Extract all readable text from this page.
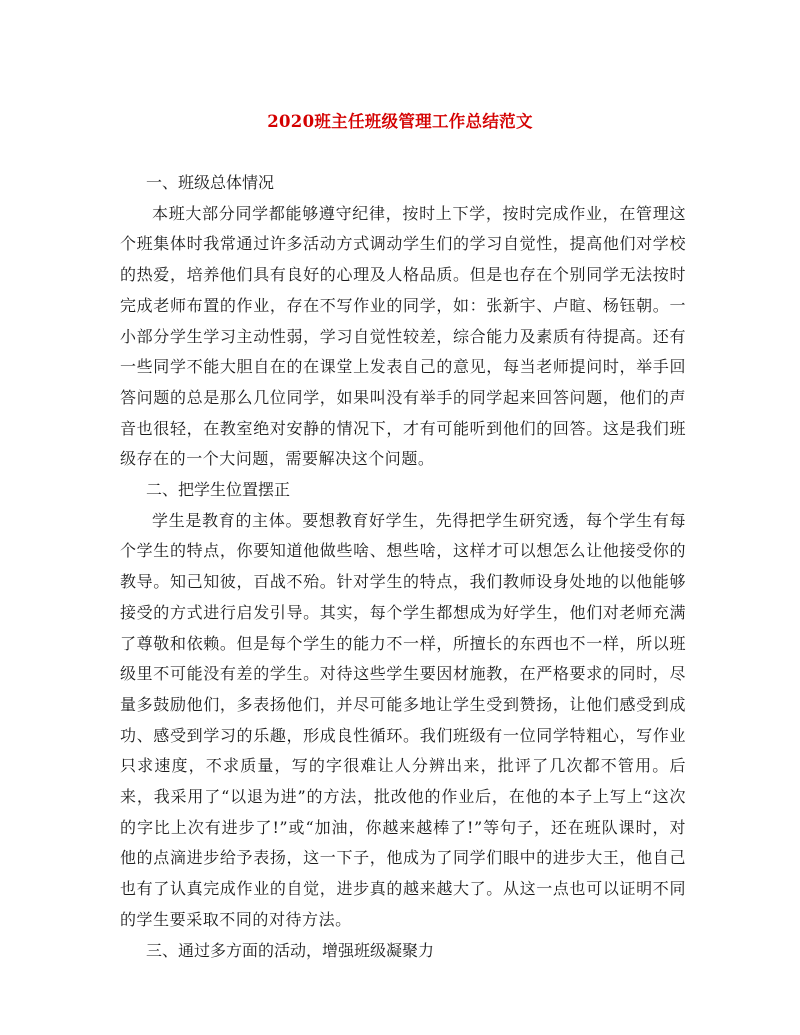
2020班主任班级管理工作总结范文

一、班级总体情况

本班大部分同学都能够遵守纪律，按时上下学，按时完成作业，在管理这个班集体时我常通过许多活动方式调动学生们的学习自觉性，提高他们对学校的热爱，培养他们具有良好的心理及人格品质。但是也存在个别同学无法按时完成老师布置的作业，存在不写作业的同学，如：张新宇、卢暄、杨钰朝。一小部分学生学习主动性弱，学习自觉性较差，综合能力及素质有待提高。还有一些同学不能大胆自在的在课堂上发表自己的意见，每当老师提问时，举手回答问题的总是那么几位同学，如果叫没有举手的同学起来回答问题，他们的声音也很轻，在教室绝对安静的情况下，才有可能听到他们的回答。这是我们班级存在的一个大问题，需要解决这个问题。

二、把学生位置摆正

学生是教育的主体。要想教育好学生，先得把学生研究透，每个学生有每个学生的特点，你要知道他做些啥、想些啥，这样才可以想怎么让他接受你的教导。知己知彼，百战不殆。针对学生的特点，我们教师设身处地的以他能够接受的方式进行启发引导。其实，每个学生都想成为好学生，他们对老师充满了尊敬和依赖。但是每个学生的能力不一样，所擅长的东西也不一样，所以班级里不可能没有差的学生。对待这些学生要因材施教，在严格要求的同时，尽量多鼓励他们，多表扬他们，并尽可能多地让学生受到赞扬，让他们感受到成功、感受到学习的乐趣，形成良性循环。我们班级有一位同学特粗心，写作业只求速度，不求质量，写的字很难让人分辨出来，批评了几次都不管用。后来，我采用了“以退为进”的方法，批改他的作业后，在他的本子上写上“这次的字比上次有进步了!”或“加油，你越来越棒了!”等句子，还在班队课时，对他的点滴进步给予表扬，这一下子，他成为了同学们眼中的进步大王，他自己也有了认真完成作业的自觉，进步真的越来越大了。从这一点也可以证明不同的学生要采取不同的对待方法。

三、通过多方面的活动，增强班级凝聚力
